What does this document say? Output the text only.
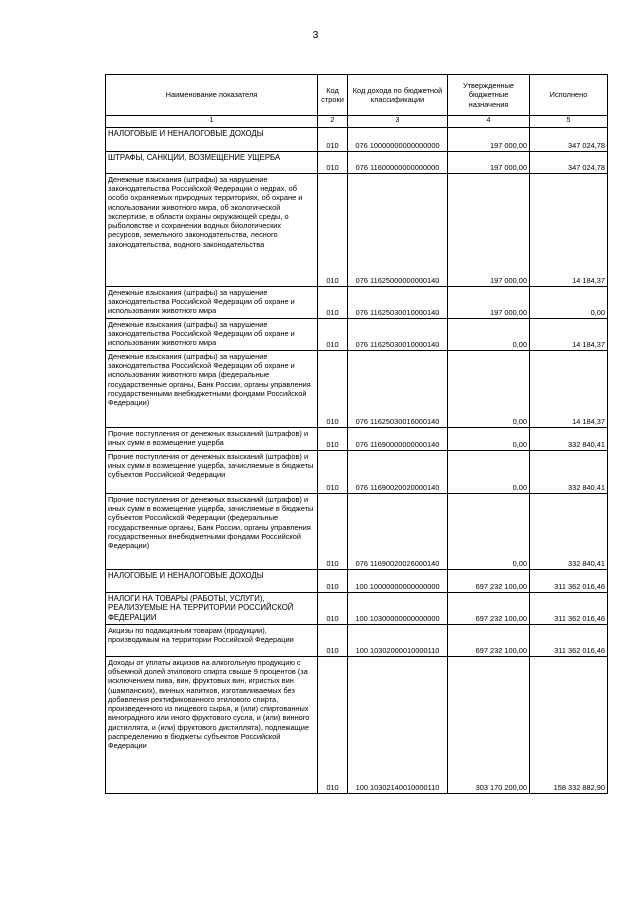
3
Наименование показателя	Код строки	Код дохода по бюджетной классификации	Утвержденные бюджетные назначения	Исполнено
1	2	3	4	5
НАЛОГОВЫЕ И НЕНАЛОГОВЫЕ ДОХОДЫ	010	076 10000000000000000	197 000,00	347 024,78
ШТРАФЫ, САНКЦИИ, ВОЗМЕЩЕНИЕ УЩЕРБА	010	076 11600000000000000	197 000,00	347 024,78
Денежные взыскания (штрафы) за нарушение законодательства Российской Федерации о недрах, об особо охраняемых природных территориях, об охране и использовании животного мира, об экологической экспертизе, в области охраны окружающей среды, о рыболовстве и сохранении водных биологических ресурсов, земельного законодательства, лесного законодательства, водного законодательства	010	076 11625000000000140	197 000,00	14 184,37
Денежные взыскания (штрафы) за нарушение законодательства Российской Федерации об охране и использовании животного мира	010	076 11625030010000140	197 000,00	0,00
Денежные взыскания (штрафы) за нарушение законодательства Российской Федерации об охране и использовании животного мира	010	076 11625030010000140	0,00	14 184,37
Денежные взыскания (штрафы) за нарушение законодательства Российской Федерации об охране и использовании животного мира (федеральные государственные органы, Банк России, органы управления государственными внебюджетными фондами Российской Федерации)	010	076 11625030016000140	0,00	14 184,37
Прочие поступления от денежных взысканий (штрафов) и иных сумм в возмещение ущерба	010	076 11690000000000140	0,00	332 840,41
Прочие поступления от денежных взысканий (штрафов) и иных сумм в возмещение ущерба, зачисляемые в бюджеты субъектов Российской Федерации	010	076 11690020020000140	0,00	332 840,41
Прочие поступления от денежных взысканий (штрафов) и иных сумм в возмещение ущерба, зачисляемые в бюджеты субъектов Российской Федерации (федеральные государственные органы, Банк России, органы управления государственных внебюджетными фондами Российской Федерации)	010	076 11690020026000140	0,00	332 840,41
НАЛОГОВЫЕ И НЕНАЛОГОВЫЕ ДОХОДЫ	010	100 10000000000000000	697 232 100,00	311 362 016,46
НАЛОГИ НА ТОВАРЫ (РАБОТЫ, УСЛУГИ), РЕАЛИЗУЕМЫЕ НА ТЕРРИТОРИИ РОССИЙСКОЙ ФЕДЕРАЦИИ	010	100 10300000000000000	697 232 100,00	311 362 016,46
Акцизы по подакцизным товарам (продукции), производимым на территории Российской Федерации	010	100 10302000010000110	697 232 100,00	311 362 016,46
Доходы от уплаты акцизов на алкогольную продукцию с объемной долей этилового спирта свыше 9 процентов (за исключением пива, вин, фруктовых вин, игристых вин (шампанских), винных напитков, изготавливаемых без добавления ректификованного этилового спирта, произведенного из пищевого сырья, и (или) спиртованных виноградного или иного фруктового сусла, и (или) винного дистиллята, и (или) фруктового дистиллята), подлежащие распределению в бюджеты субъектов Российской Федерации	010	100 10302140010000110	303 170 200,00	158 332 882,90
